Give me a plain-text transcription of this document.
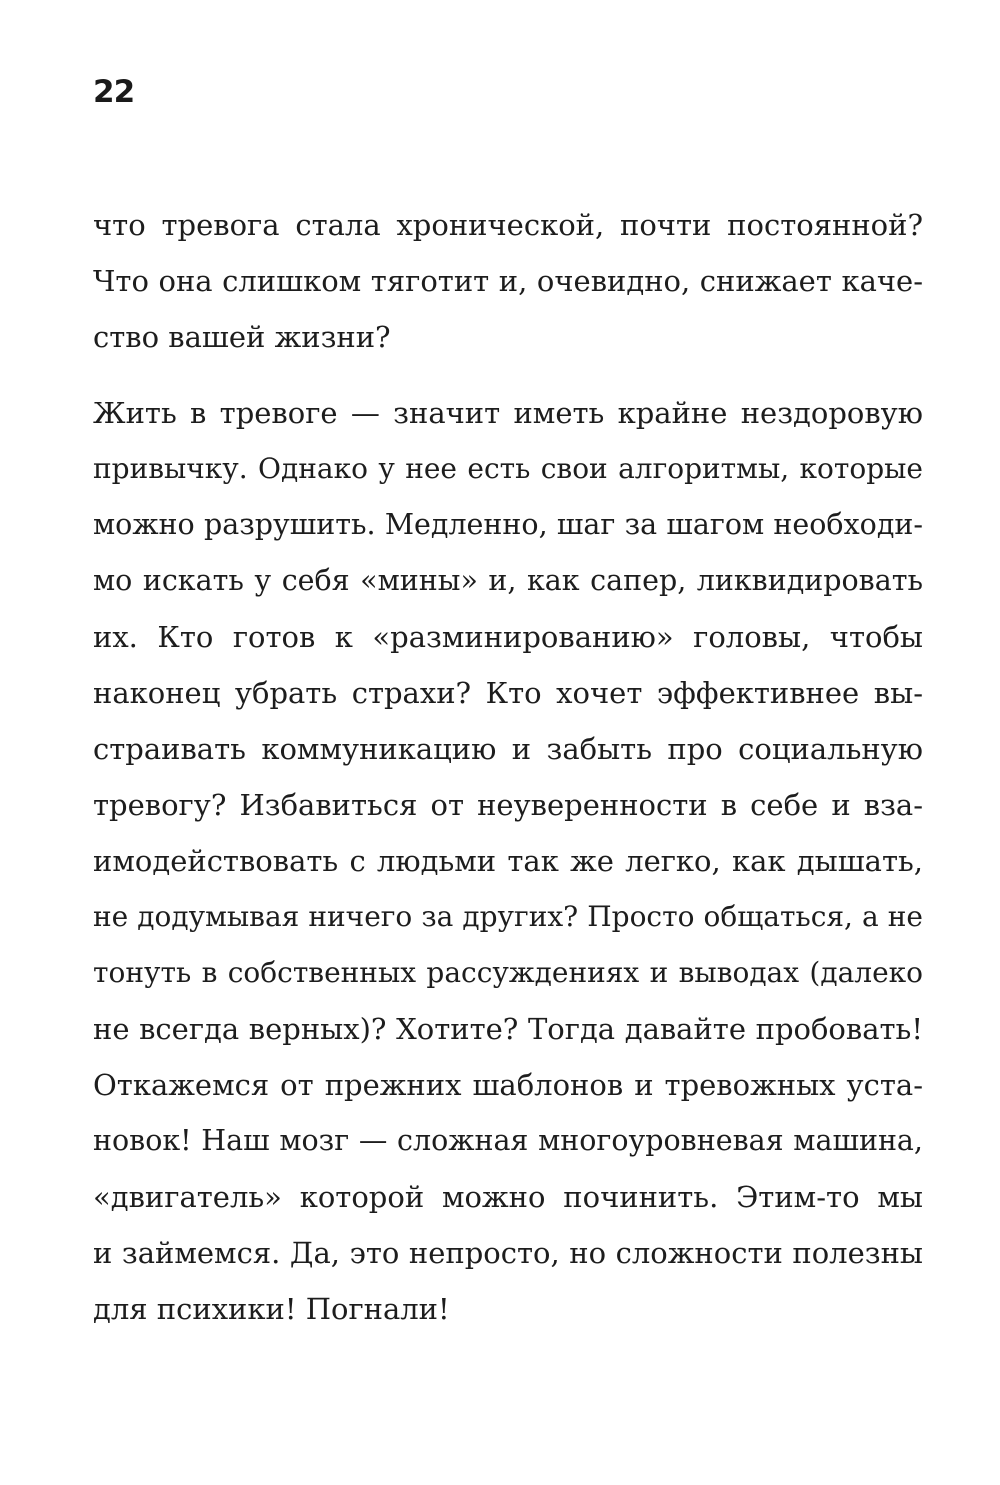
22
что тревога стала хронической, почти постоянной?
Что она слишком тяготит и, очевидно, снижает каче-
ство вашей жизни?
Жить в тревоге — значит иметь крайне нездоровую
привычку. Однако у нее есть свои алгоритмы, которые
можно разрушить. Медленно, шаг за шагом необходи-
мо искать у себя «мины» и, как сапер, ликвидировать
их. Кто готов к «разминированию» головы, чтобы
наконец убрать страхи? Кто хочет эффективнее вы-
страивать коммуникацию и забыть про социальную
тревогу? Избавиться от неуверенности в себе и вза-
имодействовать с людьми так же легко, как дышать,
не додумывая ничего за других? Просто общаться, а не
тонуть в собственных рассуждениях и выводах (далеко
не всегда верных)? Хотите? Тогда давайте пробовать!
Откажемся от прежних шаблонов и тревожных уста-
новок! Наш мозг — сложная многоуровневая машина,
«двигатель» которой можно починить. Этим-то мы
и займемся. Да, это непросто, но сложности полезны
для психики! Погнали!
